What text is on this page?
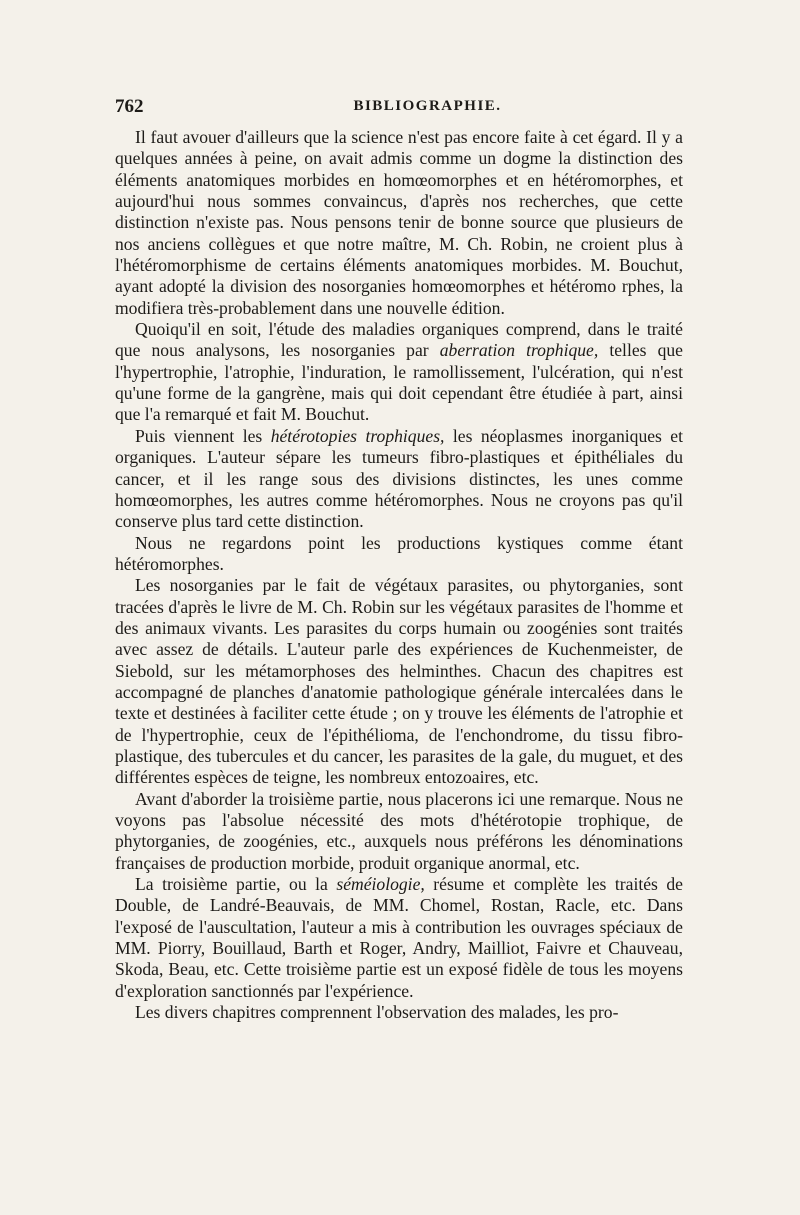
762	BIBLIOGRAPHIE.

Il faut avouer d'ailleurs que la science n'est pas encore faite à cet égard. Il y a quelques années à peine, on avait admis comme un dogme la distinction des éléments anatomiques morbides en homœomorphes et en hétéromorphes, et aujourd'hui nous sommes convaincus, d'après nos recherches, que cette distinction n'existe pas. Nous pensons tenir de bonne source que plusieurs de nos anciens collègues et que notre maître, M. Ch. Robin, ne croient plus à l'hétéromorphisme de certains éléments anatomiques morbides. M. Bouchut, ayant adopté la division des nosorganies homœomorphes et hétéromo rphes, la modifiera très-probablement dans une nouvelle édition.

Quoiqu'il en soit, l'étude des maladies organiques comprend, dans le traité que nous analysons, les nosorganies par aberration trophique, telles que l'hypertrophie, l'atrophie, l'induration, le ramollissement, l'ulcération, qui n'est qu'une forme de la gangrène, mais qui doit cependant être étudiée à part, ainsi que l'a remarqué et fait M. Bouchut.

Puis viennent les hétérotopies trophiques, les néoplasmes inorganiques et organiques. L'auteur sépare les tumeurs fibro-plastiques et épithéliales du cancer, et il les range sous des divisions distinctes, les unes comme homœomorphes, les autres comme hétéromorphes. Nous ne croyons pas qu'il conserve plus tard cette distinction.

Nous ne regardons point les productions kystiques comme étant hétéromorphes.

Les nosorganies par le fait de végétaux parasites, ou phytorganies, sont tracées d'après le livre de M. Ch. Robin sur les végétaux parasites de l'homme et des animaux vivants. Les parasites du corps humain ou zoogénies sont traités avec assez de détails. L'auteur parle des expériences de Kuchenmeister, de Siebold, sur les métamorphoses des helminthes. Chacun des chapitres est accompagné de planches d'anatomie pathologique générale intercalées dans le texte et destinées à faciliter cette étude ; on y trouve les éléments de l'atrophie et de l'hypertrophie, ceux de l'épithélioma, de l'enchondrome, du tissu fibro-plastique, des tubercules et du cancer, les parasites de la gale, du muguet, et des différentes espèces de teigne, les nombreux entozoaires, etc.

Avant d'aborder la troisième partie, nous placerons ici une remarque. Nous ne voyons pas l'absolue nécessité des mots d'hétérotopie trophique, de phytorganies, de zoogénies, etc., auxquels nous préférons les dénominations françaises de production morbide, produit organique anormal, etc.

La troisième partie, ou la séméiologie, résume et complète les traités de Double, de Landré-Beauvais, de MM. Chomel, Rostan, Racle, etc. Dans l'exposé de l'auscultation, l'auteur a mis à contribution les ouvrages spéciaux de MM. Piorry, Bouillaud, Barth et Roger, Andry, Mailliot, Faivre et Chauveau, Skoda, Beau, etc. Cette troisième partie est un exposé fidèle de tous les moyens d'exploration sanctionnés par l'expérience.

Les divers chapitres comprennent l'observation des malades, les pro-
